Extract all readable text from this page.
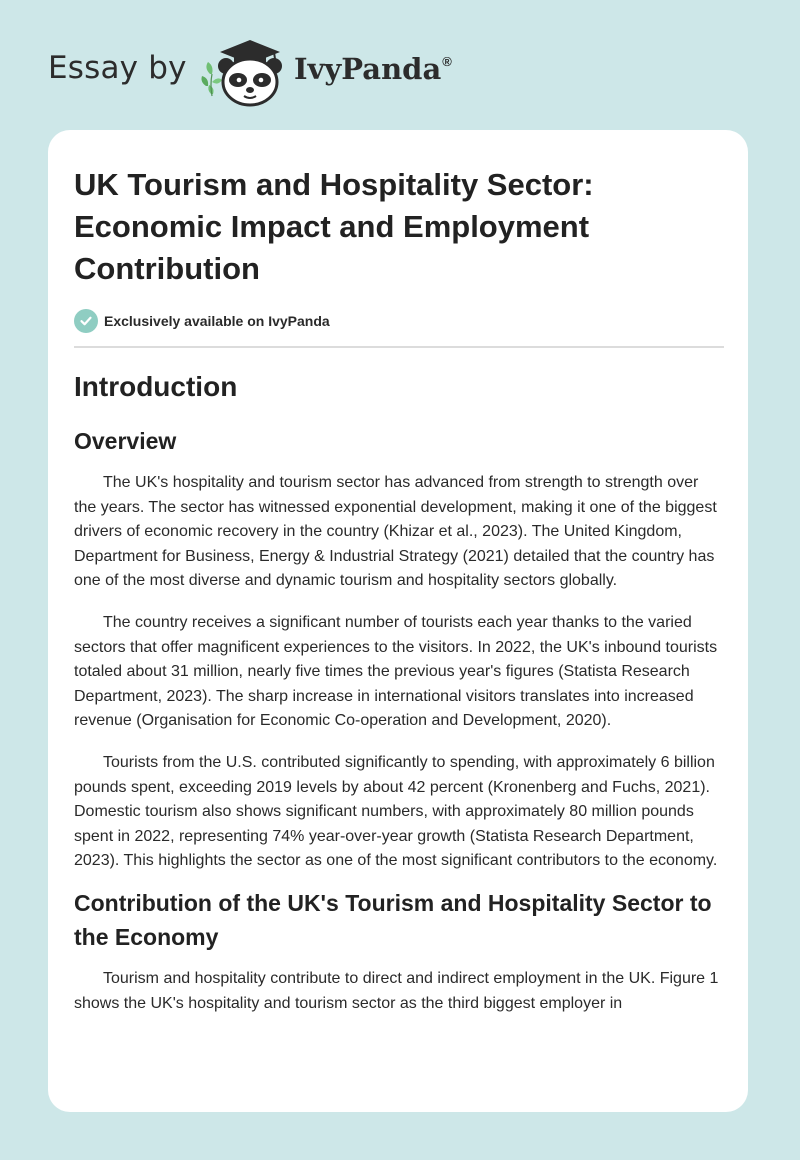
Essay by	IvyPanda®
UK Tourism and Hospitality Sector: Economic Impact and Employment Contribution
Exclusively available on IvyPanda
Introduction
Overview

The UK's hospitality and tourism sector has advanced from strength to strength over the years. The sector has witnessed exponential development, making it one of the biggest drivers of economic recovery in the country (Khizar et al., 2023). The United Kingdom, Department for Business, Energy & Industrial Strategy (2021) detailed that the country has one of the most diverse and dynamic tourism and hospitality sectors globally.

The country receives a significant number of tourists each year thanks to the varied sectors that offer magnificent experiences to the visitors. In 2022, the UK's inbound tourists totaled about 31 million, nearly five times the previous year's figures (Statista Research Department, 2023). The sharp increase in international visitors translates into increased revenue (Organisation for Economic Co-operation and Development, 2020).

Tourists from the U.S. contributed significantly to spending, with approximately 6 billion pounds spent, exceeding 2019 levels by about 42 percent (Kronenberg and Fuchs, 2021). Domestic tourism also shows significant numbers, with approximately 80 million pounds spent in 2022, representing 74% year-over-year growth (Statista Research Department, 2023). This highlights the sector as one of the most significant contributors to the economy.

Contribution of the UK's Tourism and Hospitality Sector to the Economy

Tourism and hospitality contribute to direct and indirect employment in the UK. Figure 1 shows the UK's hospitality and tourism sector as the third biggest employer in
